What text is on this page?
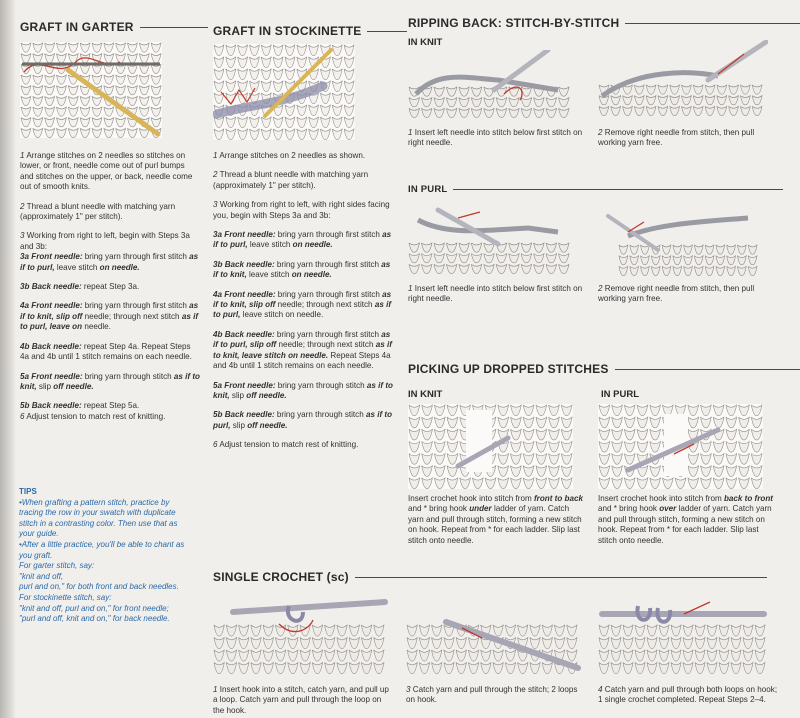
GRAFT IN GARTER

1 Arrange stitches on 2 needles so stitches on lower, or front, needle come out of purl bumps and stitches on the upper, or back, needle come out of smooth knits.

2 Thread a blunt needle with matching yarn (approximately 1" per stitch).

3 Working from right to left, begin with Steps 3a and 3b:

3a Front needle: bring yarn through first stitch as if to purl, leave stitch on needle.

3b Back needle: repeat Step 3a.

4a Front needle: bring yarn through first stitch as if to knit, slip off needle; through next stitch as if to purl, leave on needle.

4b Back needle: repeat Step 4a. Repeat Steps 4a and 4b until 1 stitch remains on each needle.

5a Front needle: bring yarn through stitch as if to knit, slip off needle.

5b Back needle: repeat Step 5a.

6 Adjust tension to match rest of knitting.

TIPS
•When grafting a pattern stitch, practice by
tracing the row in your swatch with duplicate
stitch in a contrasting color. Then use that as
your guide.
•After a little practice, you'll be able to chant as
you graft.
For garter stitch, say:
"knit and off,
purl and on," for both front and back needles.
For stockinette stitch, say:
"knit and off, purl and on," for front needle;
"purl and off, knit and on," for back needle.
GRAFT IN STOCKINETTE

1 Arrange stitches on 2 needles as shown.

2 Thread a blunt needle with matching yarn (approximately 1" per stitch).

3 Working from right to left, with right sides facing you, begin with Steps 3a and 3b:

3a Front needle: bring yarn through first stitch as if to purl, leave stitch on needle.

3b Back needle: bring yarn through first stitch as if to knit, leave stitch on needle.

4a Front needle: bring yarn through first stitch as if to knit, slip off needle; through next stitch as if to purl, leave stitch on needle.

4b Back needle: bring yarn through first stitch as if to purl, slip off needle; through next stitch as if to knit, leave stitch on needle. Repeat Steps 4a and 4b until 1 stitch remains on each needle.

5a Front needle: bring yarn through stitch as if to knit, slip off needle.

5b Back needle: bring yarn through stitch as if to purl, slip off needle.

6 Adjust tension to match rest of knitting.

RIPPING BACK: STITCH-BY-STITCH
IN KNIT
1 Insert left needle into stitch below first stitch on right needle.
2 Remove right needle from stitch, then pull working yarn free.
IN PURL
1 Insert left needle into stitch below first stitch on right needle.
2 Remove right needle from stitch, then pull working yarn free.
PICKING UP DROPPED STITCHES
IN KNIT	IN PURL
Insert crochet hook into stitch from front to back and * bring hook under ladder of yarn. Catch yarn and pull through stitch, forming a new stitch on hook. Repeat from * for each ladder. Slip last stitch onto needle.
Insert crochet hook into stitch from back to front and * bring hook over ladder of yarn. Catch yarn and pull through stitch, forming a new stitch on hook. Repeat from * for each ladder. Slip last stitch onto needle.
SINGLE CROCHET (sc)
1 Insert hook into a stitch, catch yarn, and pull up a loop. Catch yarn and pull through the loop on the hook.
3 Catch yarn and pull through the stitch; 2 loops on hook.
4 Catch yarn and pull through both loops on hook; 1 single crochet completed. Repeat Steps 2–4.
